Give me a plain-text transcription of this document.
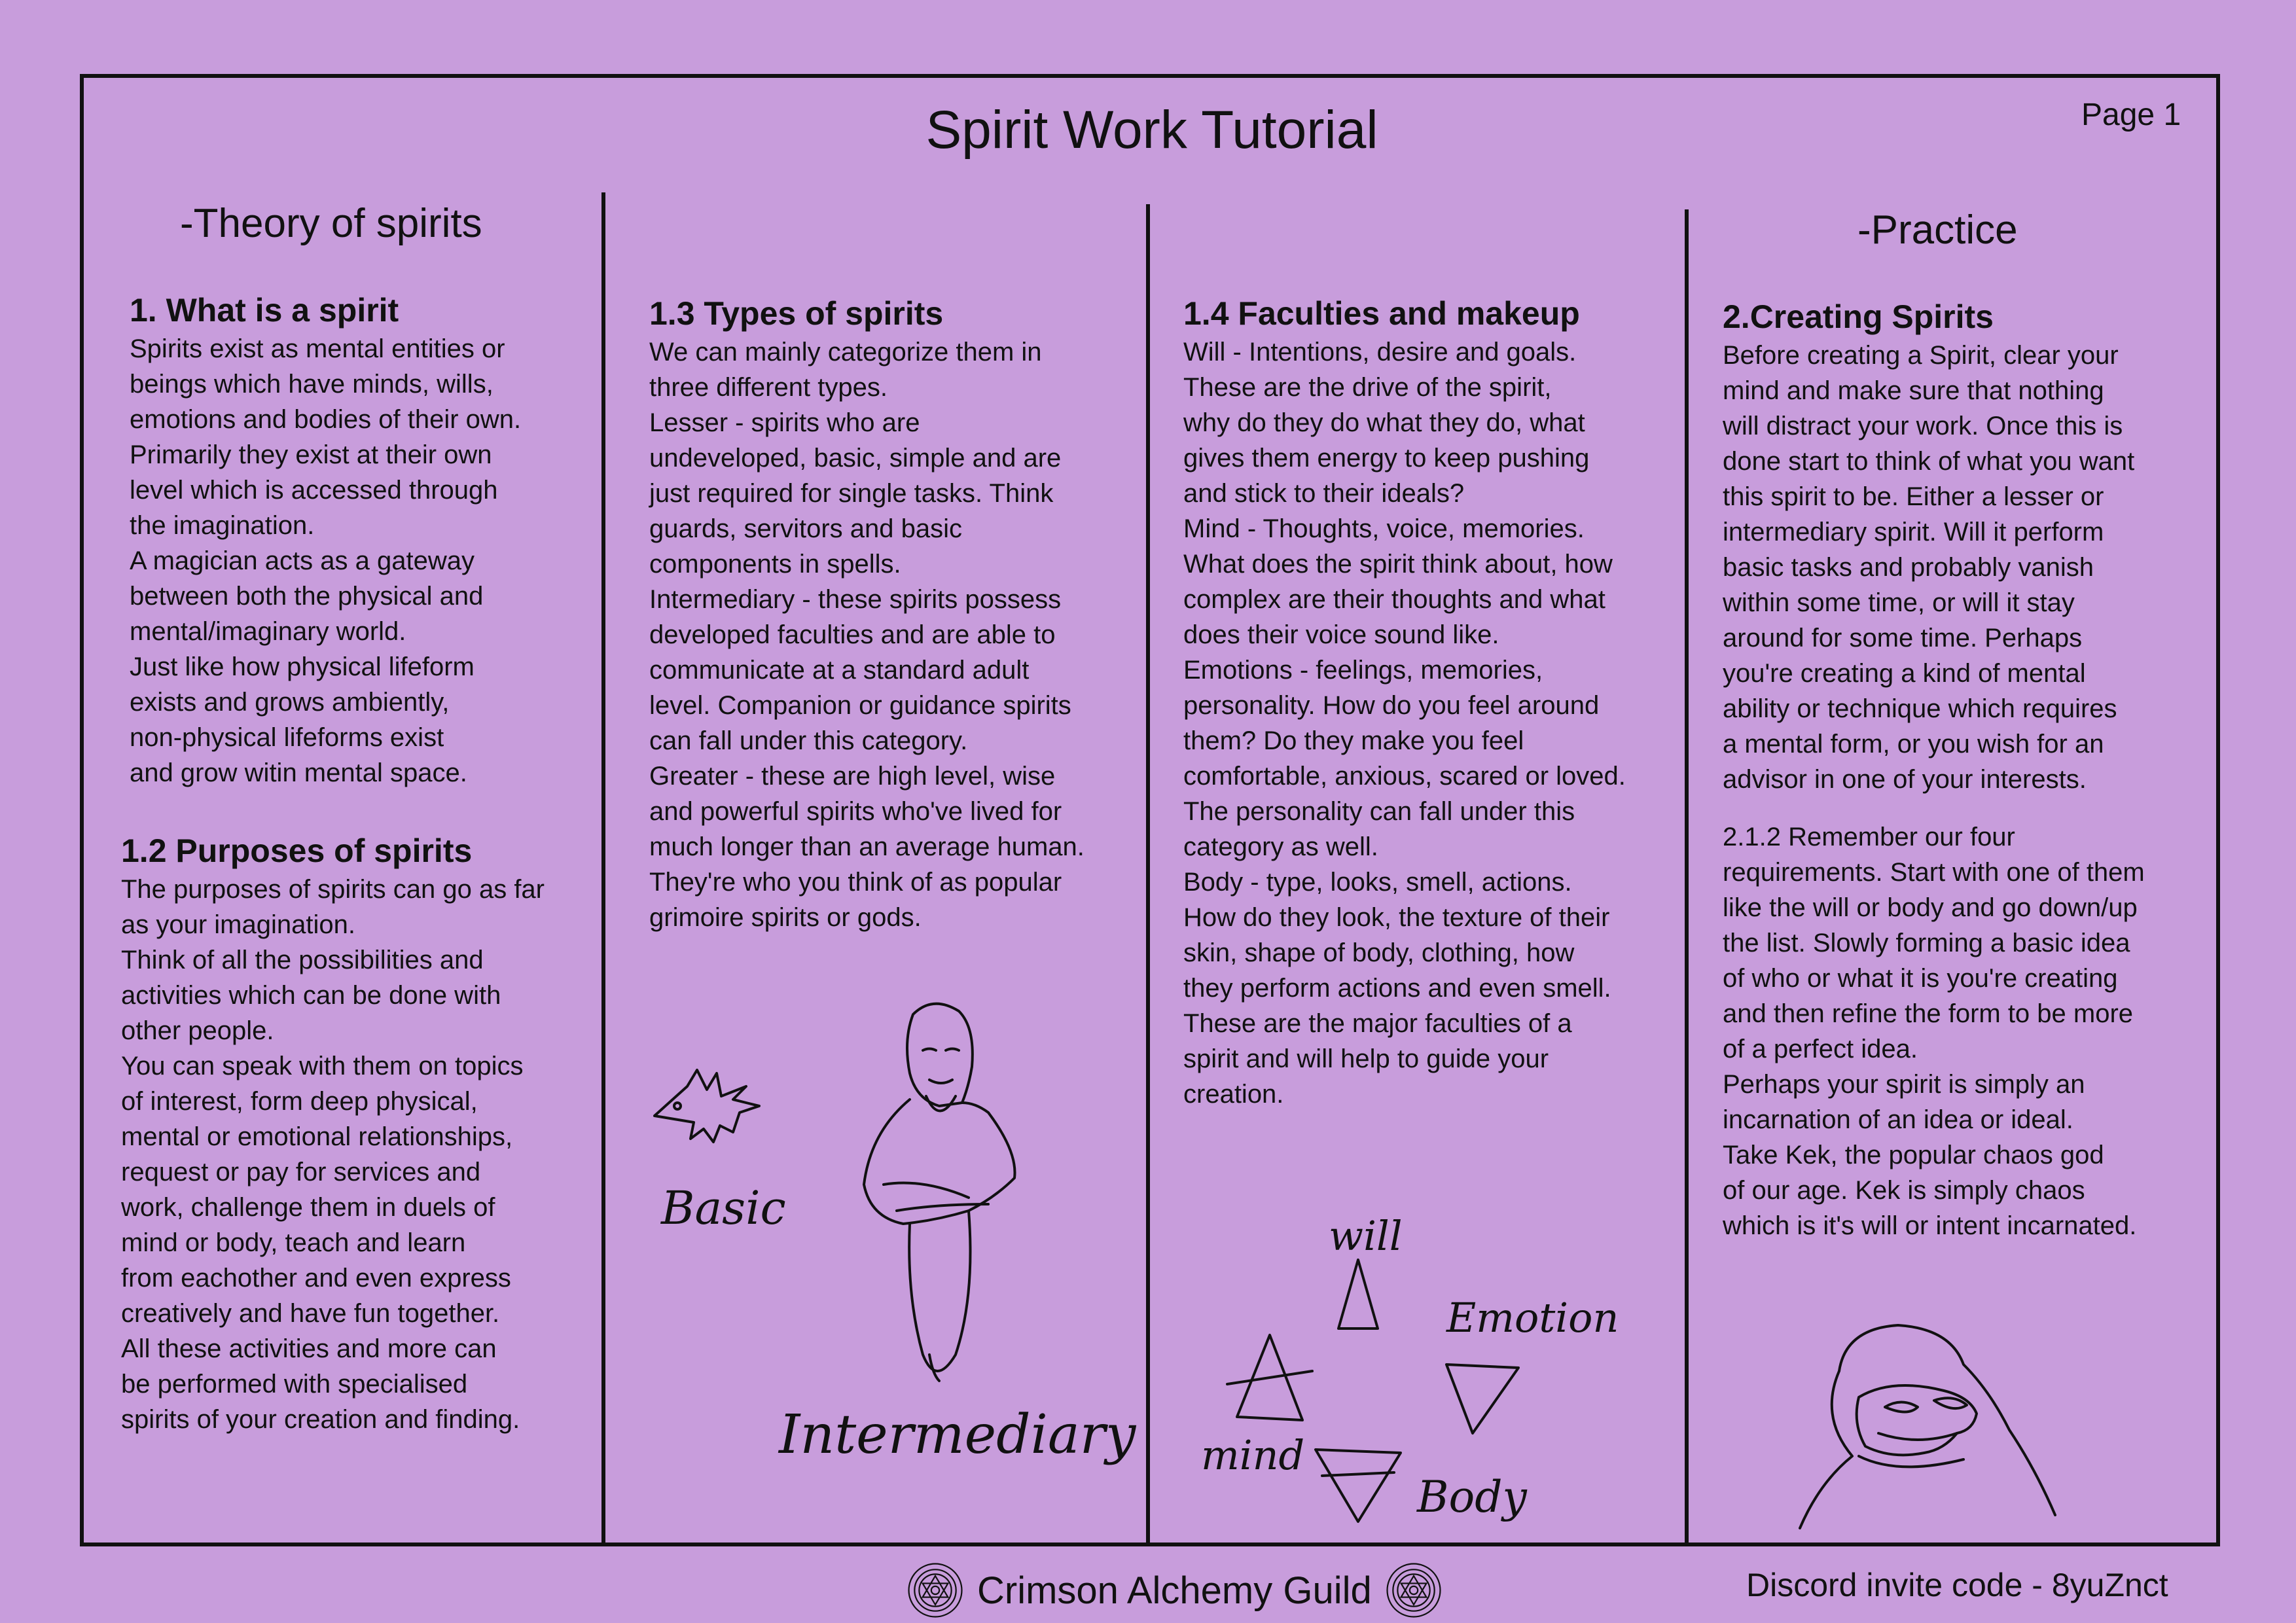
Spirit Work Tutorial	Page 1
-Theory of spirits	-Practice
1. What is a spirit

Spirits exist as mental entities or
beings which have minds, wills,
emotions and bodies of their own.
Primarily they exist at their own
level which is accessed through
the imagination.
A magician acts as a gateway
between both the physical and
mental/imaginary world.
Just like how physical lifeform
exists and grows ambiently,
non-physical lifeforms exist
and grow witin mental space.

1.2 Purposes of spirits

The purposes of spirits can go as far
as your imagination.
Think of all the possibilities and
activities which can be done with
other people.
You can speak with them on topics
of interest, form deep physical,
mental or emotional relationships,
request or pay for services and
work, challenge them in duels of
mind or body, teach and learn
from eachother and even express
creatively and have fun together.
All these activities and more can
be performed with specialised
spirits of your creation and finding.

1.3 Types of spirits

We can mainly categorize them in
three different types.
Lesser - spirits who are
undeveloped, basic, simple and are
just required for single tasks. Think
guards, servitors and basic
components in spells.
Intermediary - these spirits possess
developed faculties and are able to
communicate at a standard adult
level. Companion or guidance spirits
can fall under this category.
Greater - these are high level, wise
and powerful spirits who've lived for
much longer than an average human.
They're who you think of as popular
grimoire spirits or gods.

Basic
Intermediary
1.4 Faculties and makeup

Will - Intentions, desire and goals.
These are the drive of the spirit,
why do they do what they do, what
gives them energy to keep pushing
and stick to their ideals?
Mind - Thoughts, voice, memories.
What does the spirit think about, how
complex are their thoughts and what
does their voice sound like.
Emotions - feelings, memories,
personality. How do you feel around
them? Do they make you feel
comfortable, anxious, scared or loved.
The personality can fall under this
category as well.
Body - type, looks, smell, actions.
How do they look, the texture of their
skin, shape of body, clothing, how
they perform actions and even smell.
These are the major faculties of a
spirit and will help to guide your
creation.

will
Emotion
mind
Body
2.Creating Spirits

Before creating a Spirit, clear your
mind and make sure that nothing
will distract your work. Once this is
done start to think of what you want
this spirit to be. Either a lesser or
intermediary spirit. Will it perform
basic tasks and probably vanish
within some time, or will it stay
around for some time. Perhaps
you're creating a kind of mental
ability or technique which requires
a mental form, or you wish for an
advisor in one of your interests.

2.1.2 Remember our four
requirements. Start with one of them
like the will or body and go down/up
the list. Slowly forming a basic idea
of who or what it is you're creating
and then refine the form to be more
of a perfect idea.
Perhaps your spirit is simply an
incarnation of an idea or ideal.
Take Kek, the popular chaos god
of our age. Kek is simply chaos
which is it's will or intent incarnated.

Crimson Alchemy Guild	Discord invite code - 8yuZnct
